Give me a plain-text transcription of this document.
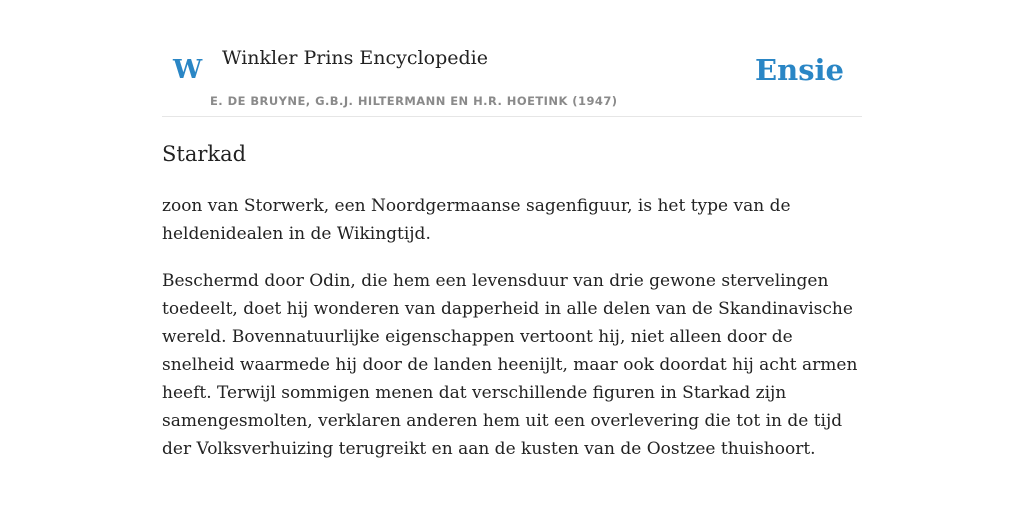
W Winkler Prins Encyclopedie
E. DE BRUYNE, G.B.J. HILTERMANN EN H.R. HOETINK (1947)
Ensie
Starkad

zoon van Storwerk, een Noordgermaanse sagenfiguur, is het type van de heldenidealen in de Wikingtijd.

Beschermd door Odin, die hem een levensduur van drie gewone stervelingen toedeelt, doet hij wonderen van dapperheid in alle delen van de Skandinavische wereld. Bovennatuurlijke eigenschappen vertoont hij, niet alleen door de snelheid waarmede hij door de landen heenijlt, maar ook doordat hij acht armen heeft. Terwijl sommigen menen dat verschillende figuren in Starkad zijn samengesmolten, verklaren anderen hem uit een overlevering die tot in de tijd der Volksverhuizing terugreikt en aan de kusten van de Oostzee thuishoort.
